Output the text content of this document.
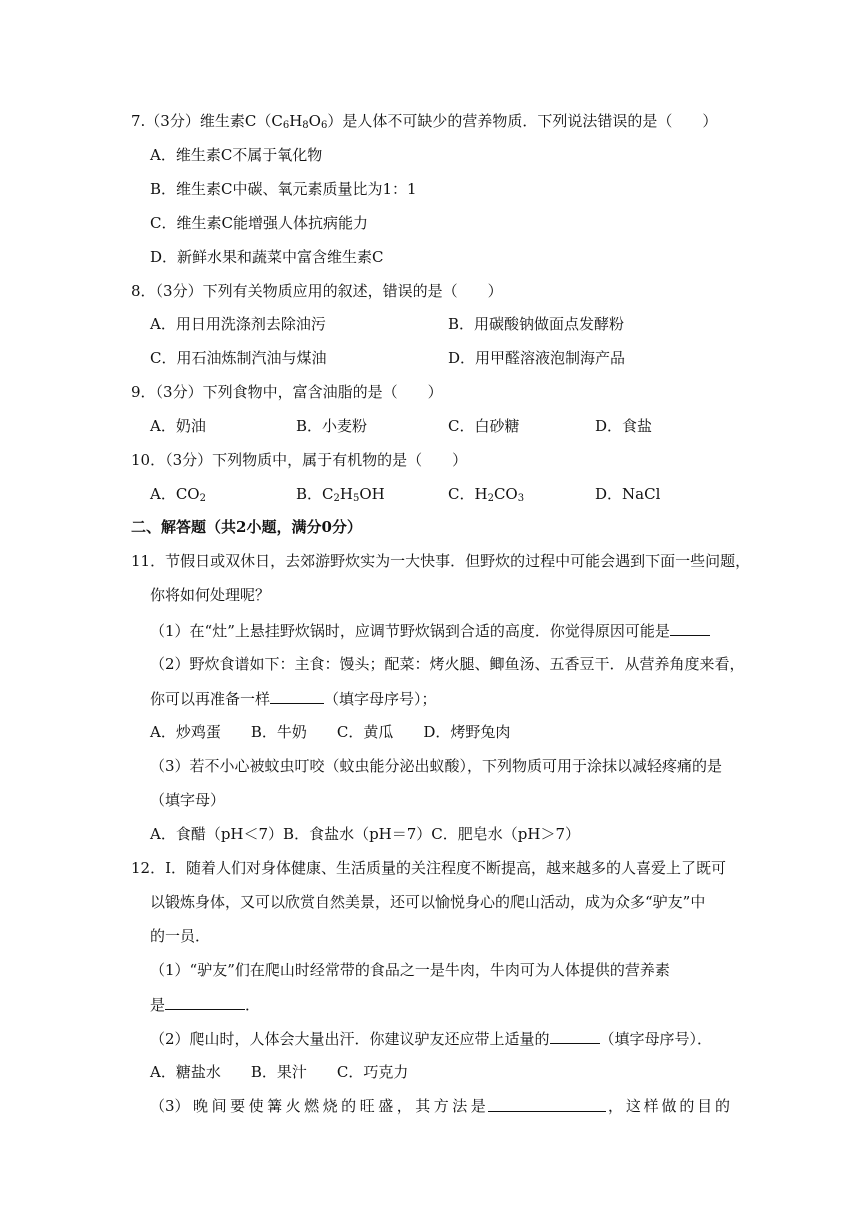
7.（3分）维生素$C(C_6H_8O_6)$是人体不可缺少的营养物质．下列说法错误的是（　　）
A．维生素C不属于氧化物
B．维生素C中碳、氧元素质量比为1：1
C．维生素C能增强人体抗病能力
D．新鲜水果和蔬菜中富含维生素C
8．（3分）下列有关物质应用的叙述，错误的是（　　）
A．用日用洗涤剂去除油污	B．用碳酸钠做面点发酵粉
C．用石油炼制汽油与煤油	D．用甲醛溶液泡制海产品
9．（3分）下列食物中，富含油脂的是（　　）
A．奶油	B．小麦粉	C．白砂糖	D．食盐
10．（3分）下列物质中，属于有机物的是（　　）
A．$CO_2$	B．$C_2H_5OH$	C．$H_2CO_3$	D．NaCl
二、解答题（共2小题，满分0分）
11．节假日或双休日，去郊游野炊实为一大快事．但野炊的过程中可能会遇到下面一些问题，
你将如何处理呢？
（1）在“灶”上悬挂野炊锅时，应调节野炊锅到合适的高度．你觉得原因可能是
（2）野炊食谱如下：主食：馒头；配菜：烤火腿、鲫鱼汤、五香豆干．从营养角度来看，
你可以再准备一样	（填字母序号）；
A．炒鸡蛋　　B．牛奶　　C．黄瓜　　D．烤野兔肉
（3）若不小心被蚊虫叮咬（蚊虫能分泌出蚁酸），下列物质可用于涂抹以减轻疼痛的是
（填字母）
A．食醋（pH＜7）B．食盐水（pH＝7）C．肥皂水（pH＞7）
12．I．随着人们对身体健康、生活质量的关注程度不断提高，越来越多的人喜爱上了既可
以锻炼身体，又可以欣赏自然美景，还可以愉悦身心的爬山活动，成为众多“驴友”中
的一员．
（1）“驴友”们在爬山时经常带的食品之一是牛肉，牛肉可为人体提供的营养素
是	．
（2）爬山时，人体会大量出汗．你建议驴友还应带上适量的	（填字母序号）．
A．糖盐水　　B．果汁　　C．巧克力
（3） 晚 间 要 使 篝 火 燃 烧 的 旺 盛 ， 其 方 法 是	， 这 样 做 的 目 的
